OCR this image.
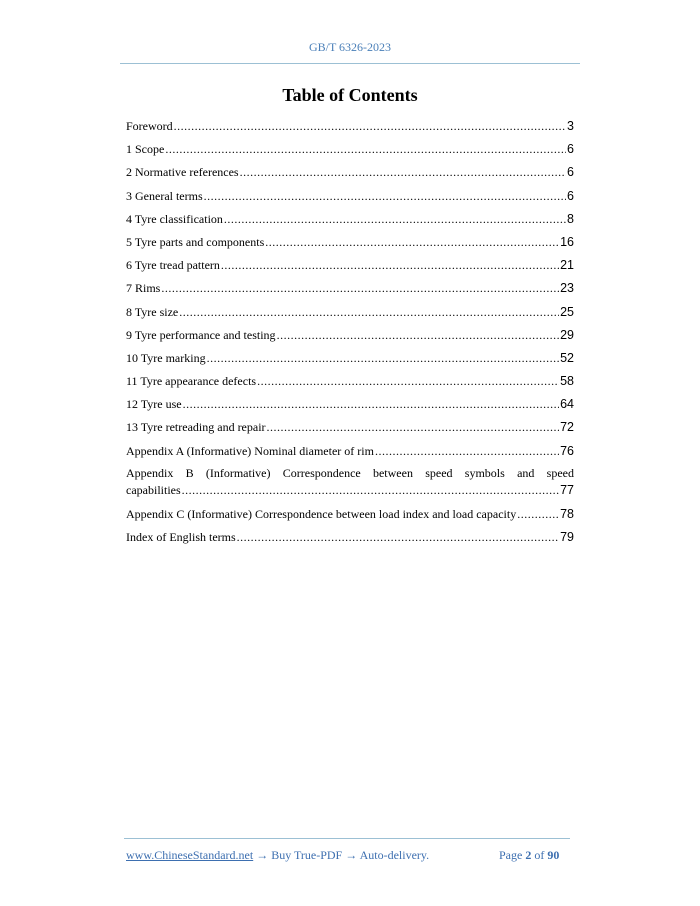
GB/T 6326-2023
Table of Contents
Foreword .....	3
1 Scope .....	6
2 Normative references .....	6
3 General terms .....	6
4 Tyre classification .....	8
5 Tyre parts and components .....	16
6 Tyre tread pattern .....	21
7 Rims .....	23
8 Tyre size .....	25
9 Tyre performance and testing .....	29
10 Tyre marking .....	52
11 Tyre appearance defects .....	58
12 Tyre use .....	64
13 Tyre retreading and repair .....	72
Appendix A (Informative) Nominal diameter of rim .....	76
Appendix B (Informative) Correspondence between speed symbols and speed
capabilities .....	77
Appendix C (Informative) Correspondence between load index and load capacity .....	78
Index of English terms .....	79
www.ChineseStandard.net → Buy True-PDF → Auto-delivery.	Page 2 of 90
